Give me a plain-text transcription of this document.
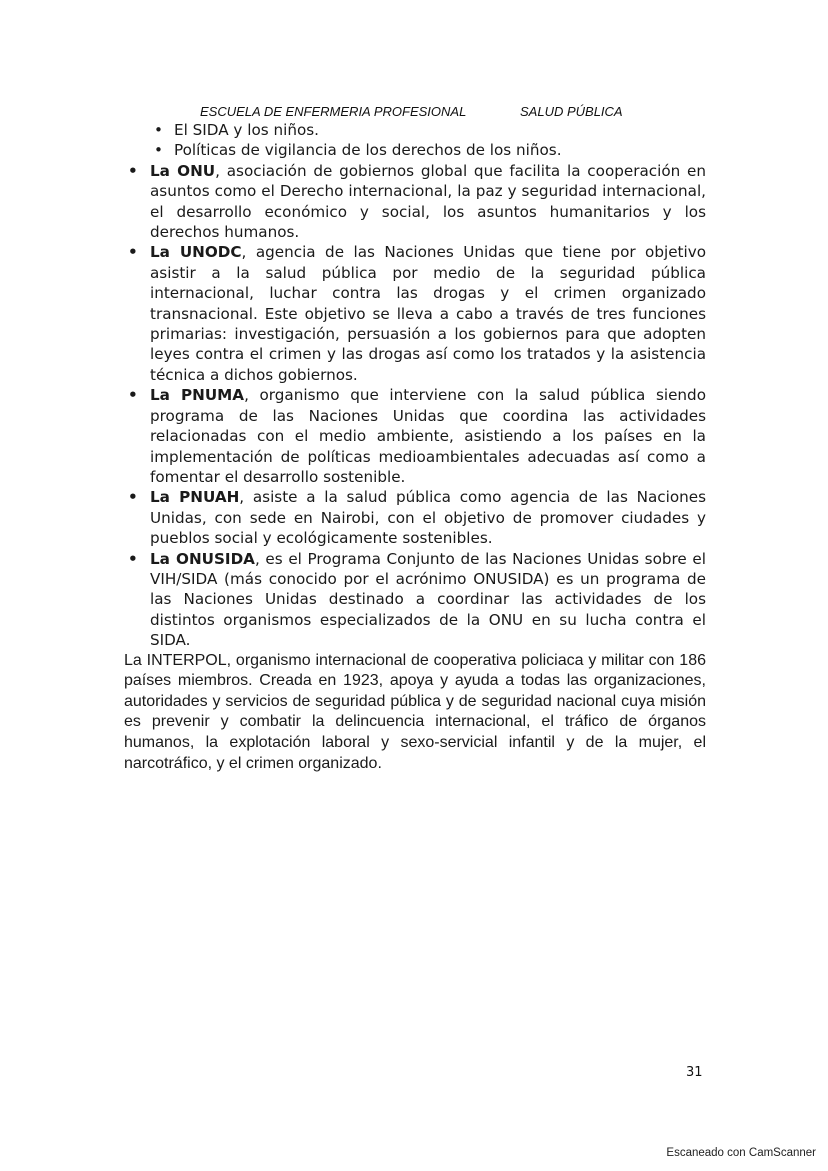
ESCUELA DE ENFERMERIA PROFESIONAL	SALUD PÚBLICA
• El SIDA y los niños.
• Políticas de vigilancia de los derechos de los niños.
• La ONU, asociación de gobiernos global que facilita la cooperación en asuntos como el Derecho internacional, la paz y seguridad internacional, el desarrollo económico y social, los asuntos humanitarios y los derechos humanos.
• La UNODC, agencia de las Naciones Unidas que tiene por objetivo asistir a la salud pública por medio de la seguridad pública internacional, luchar contra las drogas y el crimen organizado transnacional. Este objetivo se lleva a cabo a través de tres funciones primarias: investigación, persuasión a los gobiernos para que adopten leyes contra el crimen y las drogas así como los tratados y la asistencia técnica a dichos gobiernos.
• La PNUMA, organismo que interviene con la salud pública siendo programa de las Naciones Unidas que coordina las actividades relacionadas con el medio ambiente, asistiendo a los países en la implementación de políticas medioambientales adecuadas así como a fomentar el desarrollo sostenible.
• La PNUAH, asiste a la salud pública como agencia de las Naciones Unidas, con sede en Nairobi, con el objetivo de promover ciudades y pueblos social y ecológicamente sostenibles.
• La ONUSIDA, es el Programa Conjunto de las Naciones Unidas sobre el VIH/SIDA (más conocido por el acrónimo ONUSIDA) es un programa de las Naciones Unidas destinado a coordinar las actividades de los distintos organismos especializados de la ONU en su lucha contra el SIDA.

La INTERPOL, organismo internacional de cooperativa policiaca y militar con 186 países miembros. Creada en 1923, apoya y ayuda a todas las organizaciones, autoridades y servicios de seguridad pública y de seguridad nacional cuya misión es prevenir y combatir la delincuencia internacional, el tráfico de órganos humanos, la explotación laboral y sexo-servicial infantil y de la mujer, el narcotráfico, y el crimen organizado.

31
Escaneado con CamScanner
